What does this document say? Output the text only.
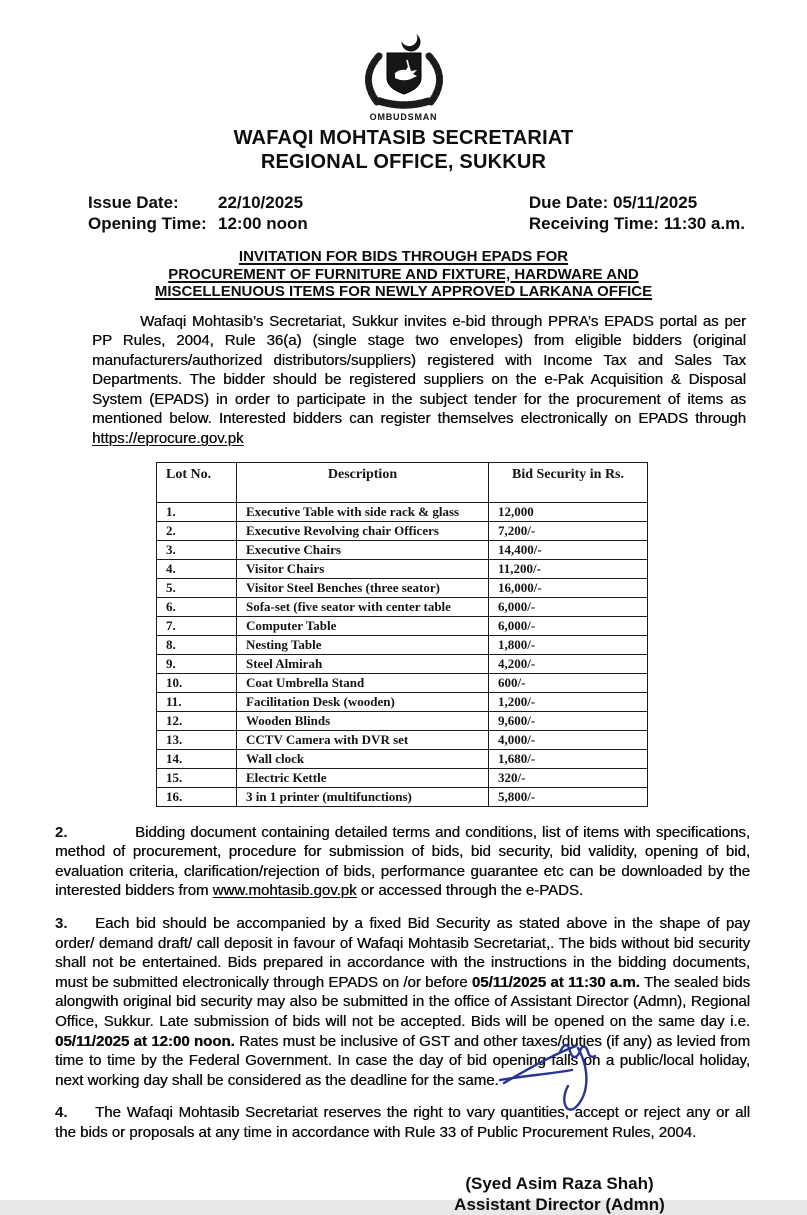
OMBUDSMAN
WAFAQI MOHTASIB SECRETARIAT
REGIONAL OFFICE, SUKKUR
Issue Date:	22/10/2025
Opening Time: 12:00 noon
Due Date: 05/11/2025
Receiving Time: 11:30 a.m.
INVITATION FOR BIDS THROUGH EPADS FOR
PROCUREMENT OF FURNITURE AND FIXTURE, HARDWARE AND
MISCELLENUOUS ITEMS FOR NEWLY APPROVED LARKANA OFFICE
Wafaqi Mohtasib’s Secretariat, Sukkur invites e-bid through PPRA’s EPADS portal as per PP Rules, 2004, Rule 36(a) (single stage two envelopes) from eligible bidders (original manufacturers/authorized distributors/suppliers) registered with Income Tax and Sales Tax Departments. The bidder should be registered suppliers on the e-Pak Acquisition & Disposal System (EPADS) in order to participate in the subject tender for the procurement of items as mentioned below. Interested bidders can register themselves electronically on EPADS through https://eprocure.gov.pk
Lot No.	Description	Bid Security in Rs.
1.	Executive Table with side rack & glass	12,000
2.	Executive Revolving chair Officers	7,200/-
3.	Executive Chairs	14,400/-
4.	Visitor Chairs	11,200/-
5.	Visitor Steel Benches (three seator)	16,000/-
6.	Sofa-set (five seator with center table	6,000/-
7.	Computer Table	6,000/-
8.	Nesting Table	1,800/-
9.	Steel Almirah	4,200/-
10.	Coat Umbrella Stand	600/-
11.	Facilitation Desk (wooden)	1,200/-
12.	Wooden Blinds	9,600/-
13.	CCTV Camera with DVR set	4,000/-
14.	Wall clock	1,680/-
15.	Electric Kettle	320/-
16.	3 in 1 printer (multifunctions)	5,800/-
2.	Bidding document containing detailed terms and conditions, list of items with specifications, method of procurement, procedure for submission of bids, bid security, bid validity, opening of bid, evaluation criteria, clarification/rejection of bids, performance guarantee etc can be downloaded by the interested bidders from www.mohtasib.gov.pk or accessed through the e-PADS.
3. Each bid should be accompanied by a fixed Bid Security as stated above in the shape of pay order/ demand draft/ call deposit in favour of Wafaqi Mohtasib Secretariat,. The bids without bid security shall not be entertained. Bids prepared in accordance with the instructions in the bidding documents, must be submitted electronically through EPADS on /or before 05/11/2025 at 11:30 a.m. The sealed bids alongwith original bid security may also be submitted in the office of Assistant Director (Admn), Regional Office, Sukkur. Late submission of bids will not be accepted. Bids will be opened on the same day i.e. 05/11/2025 at 12:00 noon. Rates must be inclusive of GST and other taxes/duties (if any) as levied from time to time by the Federal Government. In case the day of bid opening falls on a public/local holiday, next working day shall be considered as the deadline for the same.
4. The Wafaqi Mohtasib Secretariat reserves the right to vary quantities, accept or reject any or all the bids or proposals at any time in accordance with Rule 33 of Public Procurement Rules, 2004.
(Syed Asim Raza Shah)
Assistant Director (Admn)
